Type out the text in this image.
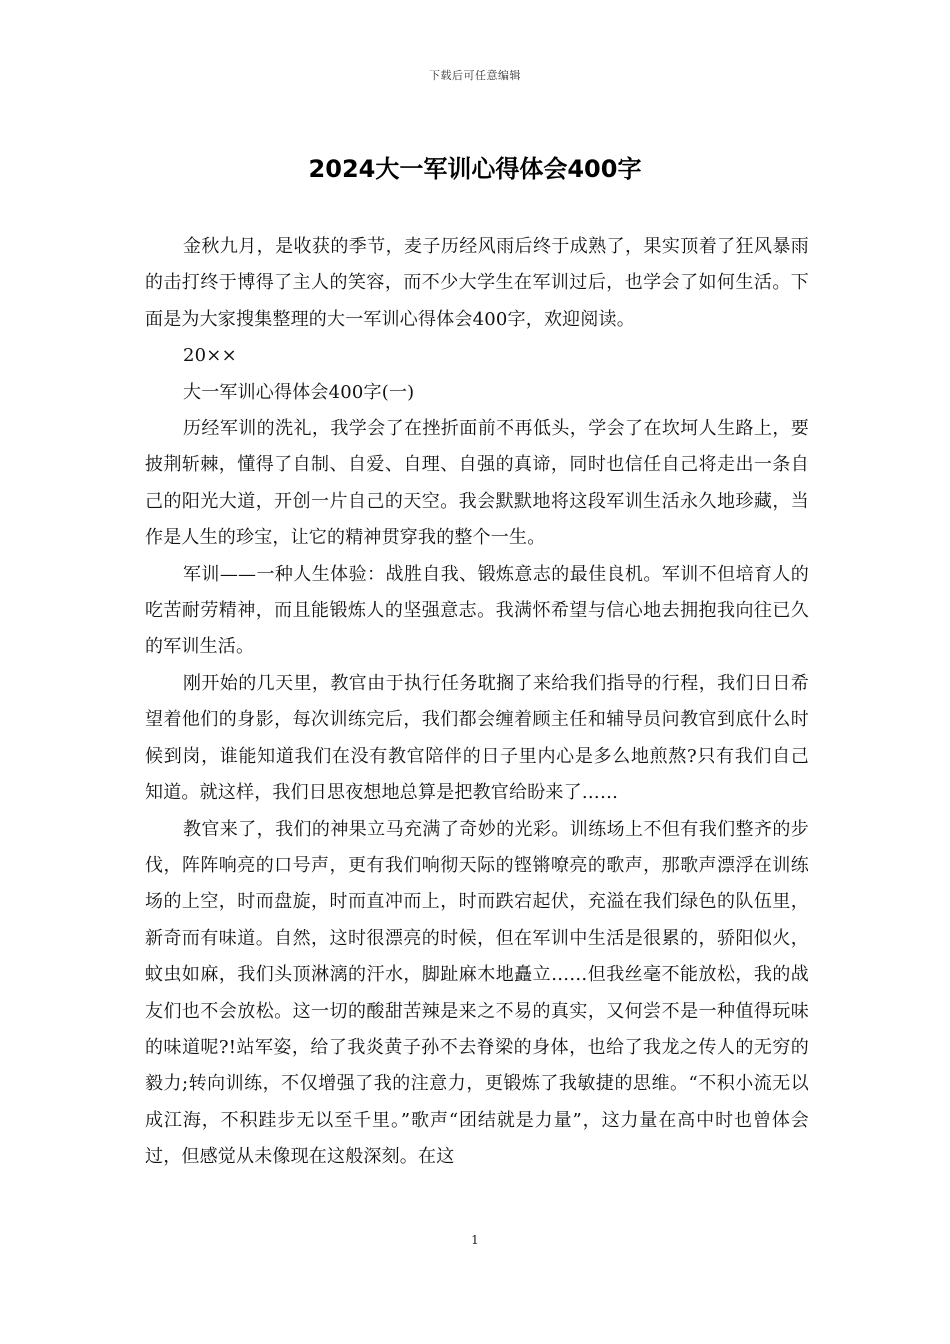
下载后可任意编辑
2024大一军训心得体会400字

金秋九月，是收获的季节，麦子历经风雨后终于成熟了，果实顶着了狂风暴雨的击打终于博得了主人的笑容，而不少大学生在军训过后，也学会了如何生活。下面是为大家搜集整理的大一军训心得体会400字，欢迎阅读。

20××

大一军训心得体会400字(一)

历经军训的洗礼，我学会了在挫折面前不再低头，学会了在坎坷人生路上，要披荆斩棘，懂得了自制、自爱、自理、自强的真谛，同时也信任自己将走出一条自己的阳光大道，开创一片自己的天空。我会默默地将这段军训生活永久地珍藏，当作是人生的珍宝，让它的精神贯穿我的整个一生。

军训——一种人生体验：战胜自我、锻炼意志的最佳良机。军训不但培育人的吃苦耐劳精神，而且能锻炼人的坚强意志。我满怀希望与信心地去拥抱我向往已久的军训生活。

刚开始的几天里，教官由于执行任务耽搁了来给我们指导的行程，我们日日希望着他们的身影，每次训练完后，我们都会缠着顾主任和辅导员问教官到底什么时候到岗，谁能知道我们在没有教官陪伴的日子里内心是多么地煎熬?只有我们自己知道。就这样，我们日思夜想地总算是把教官给盼来了……

教官来了，我们的神果立马充满了奇妙的光彩。训练场上不但有我们整齐的步伐，阵阵响亮的口号声，更有我们响彻天际的铿锵嘹亮的歌声，那歌声漂浮在训练场的上空，时而盘旋，时而直冲而上，时而跌宕起伏，充溢在我们绿色的队伍里，新奇而有味道。自然，这时很漂亮的时候，但在军训中生活是很累的，骄阳似火，蚊虫如麻，我们头顶淋漓的汗水，脚趾麻木地矗立……但我丝毫不能放松，我的战友们也不会放松。这一切的酸甜苦辣是来之不易的真实，又何尝不是一种值得玩味的味道呢?!站军姿，给了我炎黄子孙不去脊梁的身体，也给了我龙之传人的无穷的毅力;转向训练，不仅增强了我的注意力，更锻炼了我敏捷的思维。“不积小流无以成江海，不积跬步无以至千里。”歌声“团结就是力量”，这力量在高中时也曾体会过，但感觉从未像现在这般深刻。在这

1
